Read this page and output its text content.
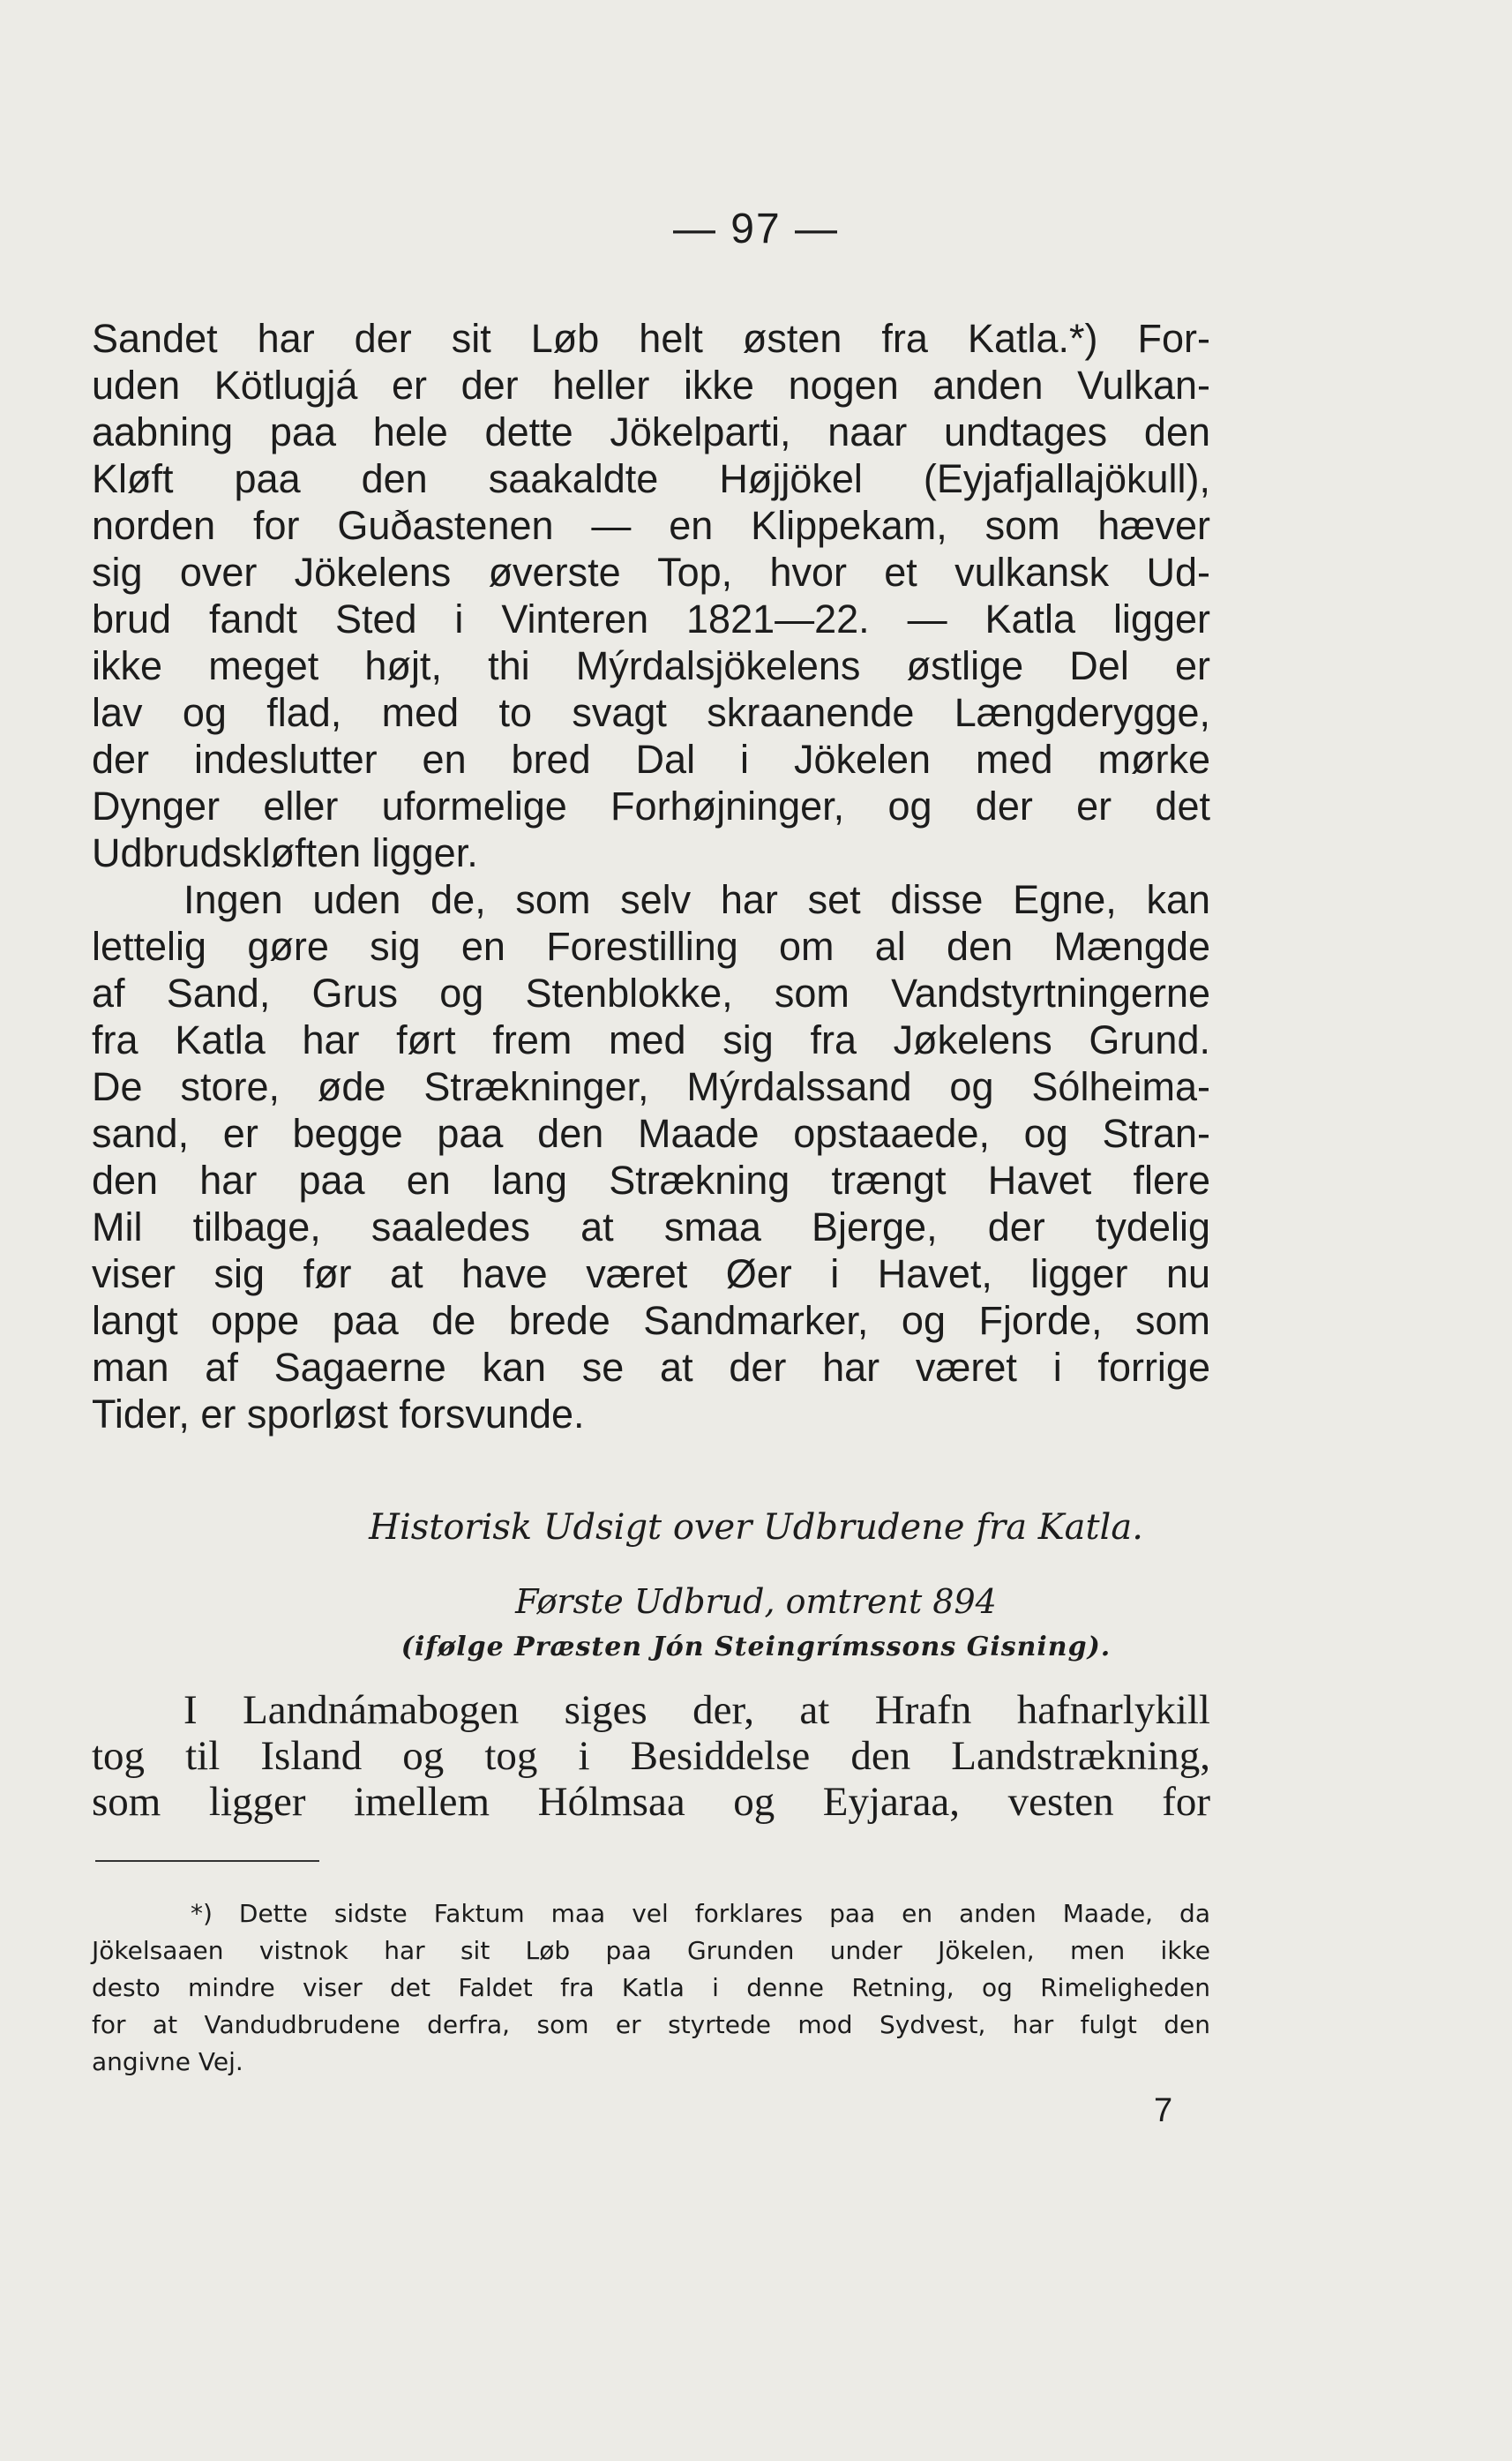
— 97 —
Sandet har der sit Løb helt østen fra Katla.*) For-
uden Kötlugjá er der heller ikke nogen anden Vulkan-
aabning paa hele dette Jökelparti, naar undtages den
Kløft paa den saakaldte Højjökel (Eyjafjallajökull),
norden for Guðastenen — en Klippekam, som hæver
sig over Jökelens øverste Top, hvor et vulkansk Ud-
brud fandt Sted i Vinteren 1821—22. — Katla ligger
ikke meget højt, thi Mýrdalsjökelens østlige Del er
lav og flad, med to svagt skraanende Længderygge,
der indeslutter en bred Dal i Jökelen med mørke
Dynger eller uformelige Forhøjninger, og der er det
Udbrudskløften ligger.
Ingen uden de, som selv har set disse Egne, kan
lettelig gøre sig en Forestilling om al den Mængde
af Sand, Grus og Stenblokke, som Vandstyrtningerne
fra Katla har ført frem med sig fra Jøkelens Grund.
De store, øde Strækninger, Mýrdalssand og Sólheima-
sand, er begge paa den Maade opstaaede, og Stran-
den har paa en lang Strækning trængt Havet flere
Mil tilbage, saaledes at smaa Bjerge, der tydelig
viser sig før at have været Øer i Havet, ligger nu
langt oppe paa de brede Sandmarker, og Fjorde, som
man af Sagaerne kan se at der har været i forrige
Tider, er sporløst forsvunde.
Historisk Udsigt over Udbrudene fra Katla.
Første Udbrud, omtrent 894
(ifølge Præsten Jón Steingrímssons Gisning).
I Landnámabogen siges der, at Hrafn hafnarlykill
tog til Island og tog i Besiddelse den Landstrækning,
som ligger imellem Hólmsaa og Eyjaraa, vesten for
*) Dette sidste Faktum maa vel forklares paa en anden Maade, da
Jökelsaaen vistnok har sit Løb paa Grunden under Jökelen, men ikke
desto mindre viser det Faldet fra Katla i denne Retning, og Rimeligheden
for at Vandudbrudene derfra, som er styrtede mod Sydvest, har fulgt den
angivne Vej.
7
